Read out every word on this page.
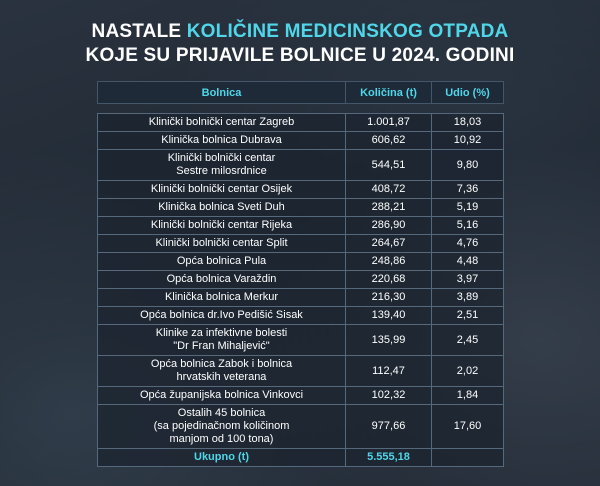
NASTALE KOLIČINE MEDICINSKOG OTPADA
KOJE SU PRIJAVILE BOLNICE U 2024. GODINI
Bolnica	Količina (t)	Udio (%)

Klinički bolnički centar Zagreb	1.001,87	18,03

Klinička bolnica Dubrava	606,62	10,92

Klinički bolnički centar
Sestre milosrdnice	544,51	9,80

Klinički bolnički centar Osijek	408,72	7,36

Klinička bolnica Sveti Duh	288,21	5,19

Klinički bolnički centar Rijeka	286,90	5,16

Klinički bolnički centar Split	264,67	4,76

Opća bolnica Pula	248,86	4,48

Opća bolnica Varaždin	220,68	3,97

Klinička bolnica Merkur	216,30	3,89

Opća bolnica dr.Ivo Pedišić Sisak	139,40	2,51

Klinike za infektivne bolesti
"Dr Fran Mihaljević"	135,99	2,45

Opća bolnica Zabok i bolnica
hrvatskih veterana	112,47	2,02

Opća županijska bolnica Vinkovci	102,32	1,84

Ostalih 45 bolnica
(sa pojedinačnom količinom
manjom od 100 tona)	977,66	17,60
Ukupno (t)	5.555,18	
